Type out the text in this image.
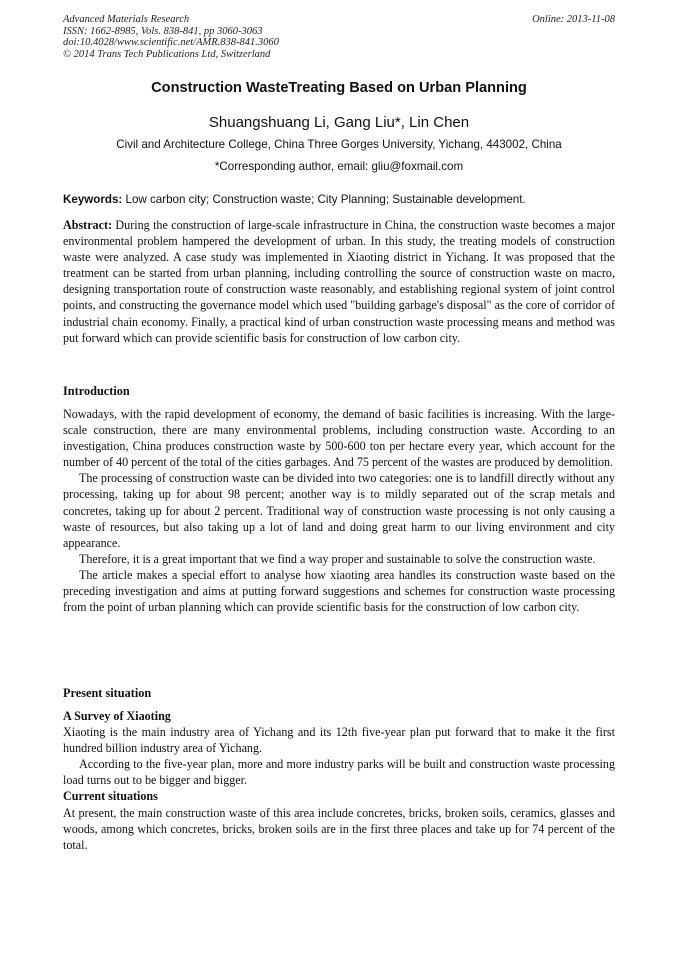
Advanced Materials Research
ISSN: 1662-8985, Vols. 838-841, pp 3060-3063
doi:10.4028/www.scientific.net/AMR.838-841.3060
© 2014 Trans Tech Publications Ltd, Switzerland
Online: 2013-11-08
Construction WasteTreating Based on Urban Planning
Shuangshuang Li, Gang Liu*, Lin Chen
Civil and Architecture College, China Three Gorges University, Yichang, 443002, China
*Corresponding author, email: gliu@foxmail.com
Keywords: Low carbon city; Construction waste; City Planning; Sustainable development.
Abstract: During the construction of large-scale infrastructure in China, the construction waste becomes a major environmental problem hampered the development of urban. In this study, the treating models of construction waste were analyzed. A case study was implemented in Xiaoting district in Yichang. It was proposed that the treatment can be started from urban planning, including controlling the source of construction waste on macro, designing transportation route of construction waste reasonably, and establishing regional system of joint control points, and constructing the governance model which used "building garbage's disposal" as the core of corridor of industrial chain economy. Finally, a practical kind of urban construction waste processing means and method was put forward which can provide scientific basis for construction of low carbon city.
Introduction

Nowadays, with the rapid development of economy, the demand of basic facilities is increasing. With the large-scale construction, there are many environmental problems, including construction waste. According to an investigation, China produces construction waste by 500-600 ton per hectare every year, which account for the number of 40 percent of the total of the cities garbages. And 75 percent of the wastes are produced by demolition.

The processing of construction waste can be divided into two categories: one is to landfill directly without any processing, taking up for about 98 percent; another way is to mildly separated out of the scrap metals and concretes, taking up for about 2 percent. Traditional way of construction waste processing is not only causing a waste of resources, but also taking up a lot of land and doing great harm to our living environment and city appearance.

Therefore, it is a great important that we find a way proper and sustainable to solve the construction waste.

The article makes a special effort to analyse how xiaoting area handles its construction waste based on the preceding investigation and aims at putting forward suggestions and schemes for construction waste processing from the point of urban planning which can provide scientific basis for the construction of low carbon city.

Present situation
A Survey of Xiaoting

Xiaoting is the main industry area of Yichang and its 12th five-year plan put forward that to make it the first hundred billion industry area of Yichang.

According to the five-year plan, more and more industry parks will be built and construction waste processing load turns out to be bigger and bigger.

Current situations

At present, the main construction waste of this area include concretes, bricks, broken soils, ceramics, glasses and woods, among which concretes, bricks, broken soils are in the first three places and take up for 74 percent of the total.
